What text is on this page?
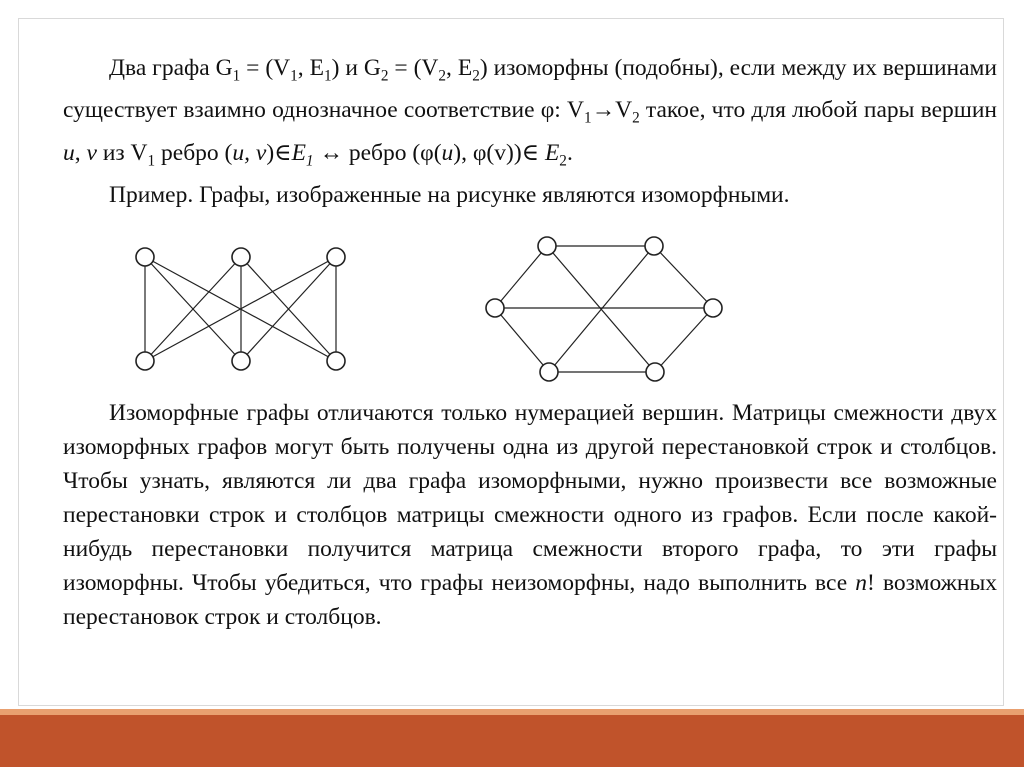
Два графа $G_1 = (V_1$, $E_1$) и $G_2 = (V_2$, $E_2$) изоморфны (подобны), если между их вершинами существует взаимно однозначное соответствие φ: $V_1\to V_2$ такое, что для любой пары вершин u, v из $V_1$ ребро (u, $v)\in E_1$ ↔ ребро (φ(u), φ(v))∈ $E_2$.

Пример. Графы, изображенные на рисунке являются изоморфными.

Изоморфные графы отличаются только нумерацией вершин. Матрицы смежности двух изоморфных графов могут быть получены одна из другой перестановкой строк и столбцов. Чтобы узнать, являются ли два графа изоморфными, нужно произвести все возможные перестановки строк и столбцов матрицы смежности одного из графов. Если после какой-нибудь перестановки получится матрица смежности второго графа, то эти графы изоморфны. Чтобы убедиться, что графы неизоморфны, надо выполнить все n! возможных перестановок строк и столбцов.
